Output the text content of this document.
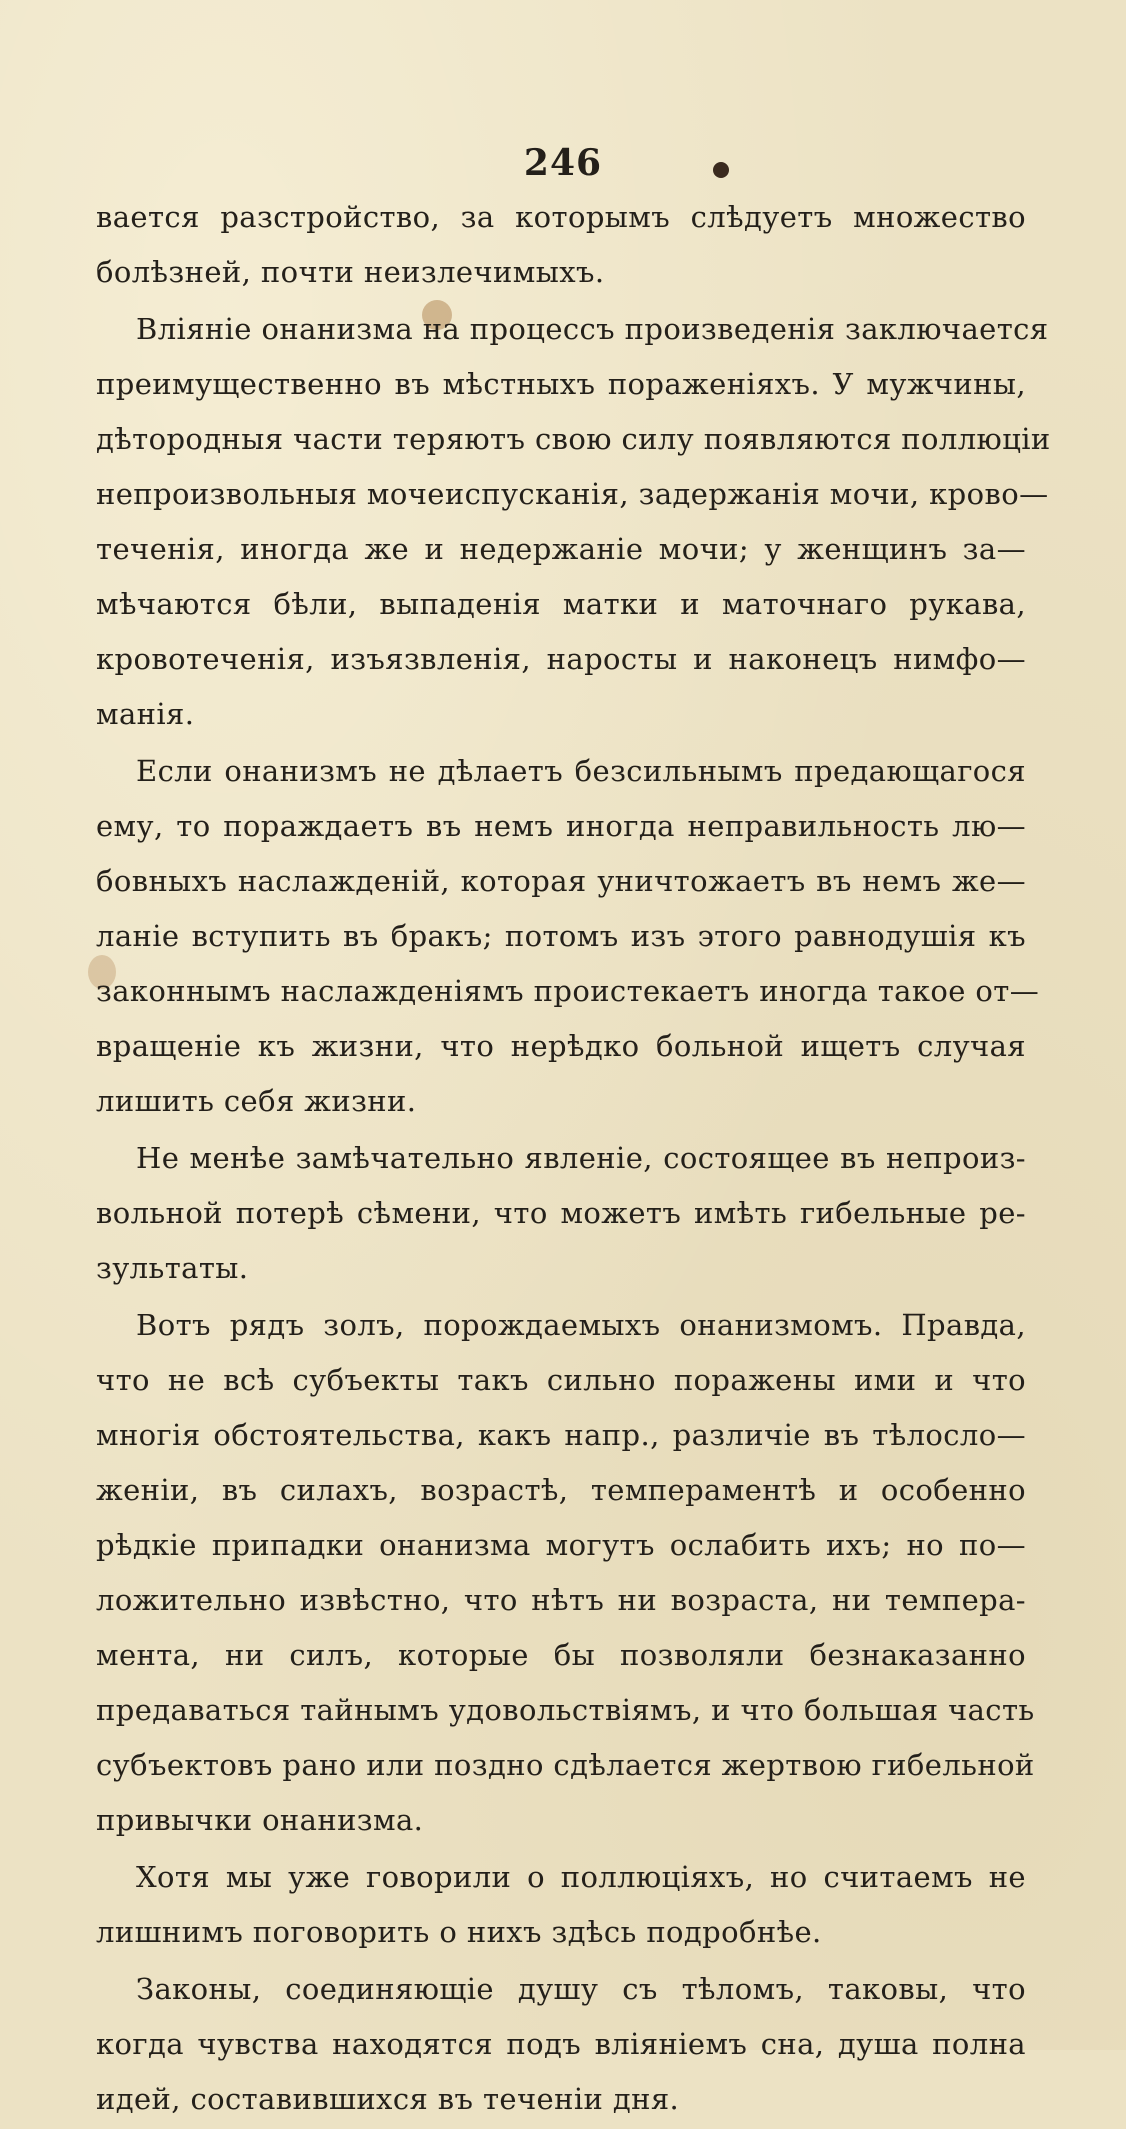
246
вается разстройство, за которымъ слѣдуетъ множество
болѣзней, почти неизлечимыхъ.
Вліяніе онанизма на процессъ произведенія заключается
преимущественно въ мѣстныхъ пораженіяхъ. У мужчины,
дѣтородныя части теряютъ свою силу появляются поллюціи
непроизвольныя мочеиспусканія, задержанія мочи, крово—
теченія, иногда же и недержаніе мочи; у женщинъ за—
мѣчаются бѣли, выпаденія матки и маточнаго рукава,
кровотеченія, изъязвленія, наросты и наконецъ нимфо—
манія.
Если онанизмъ не дѣлаетъ безсильнымъ предающагося
ему, то пораждаетъ въ немъ иногда неправильность лю—
бовныхъ наслажденій, которая уничтожаетъ въ немъ же—
ланіе вступить въ бракъ; потомъ изъ этого равнодушія къ
законнымъ наслажденіямъ проистекаетъ иногда такое от—
вращеніе къ жизни, что нерѣдко больной ищетъ случая
лишить себя жизни.
Не менѣе замѣчательно явленіе, состоящее въ непроиз-
вольной потерѣ сѣмени, что можетъ имѣть гибельные ре-
зультаты.
Вотъ рядъ золъ, порождаемыхъ онанизмомъ. Правда,
что не всѣ субъекты такъ сильно поражены ими и что
многія обстоятельства, какъ напр., различіе въ тѣлосло—
женіи, въ силахъ, возрастѣ, темпераментѣ и особенно
рѣдкіе припадки онанизма могутъ ослабить ихъ; но по—
ложительно извѣстно, что нѣтъ ни возраста, ни темпера-
мента, ни силъ, которые бы позволяли безнаказанно
предаваться тайнымъ удовольствіямъ, и что большая часть
субъектовъ рано или поздно сдѣлается жертвою гибельной
привычки онанизма.
Хотя мы уже говорили о поллюціяхъ, но считаемъ не
лишнимъ поговорить о нихъ здѣсь подробнѣе.
Законы, соединяющіе душу съ тѣломъ, таковы, что
когда чувства находятся подъ вліяніемъ сна, душа полна
идей, составившихся въ теченіи дня.
